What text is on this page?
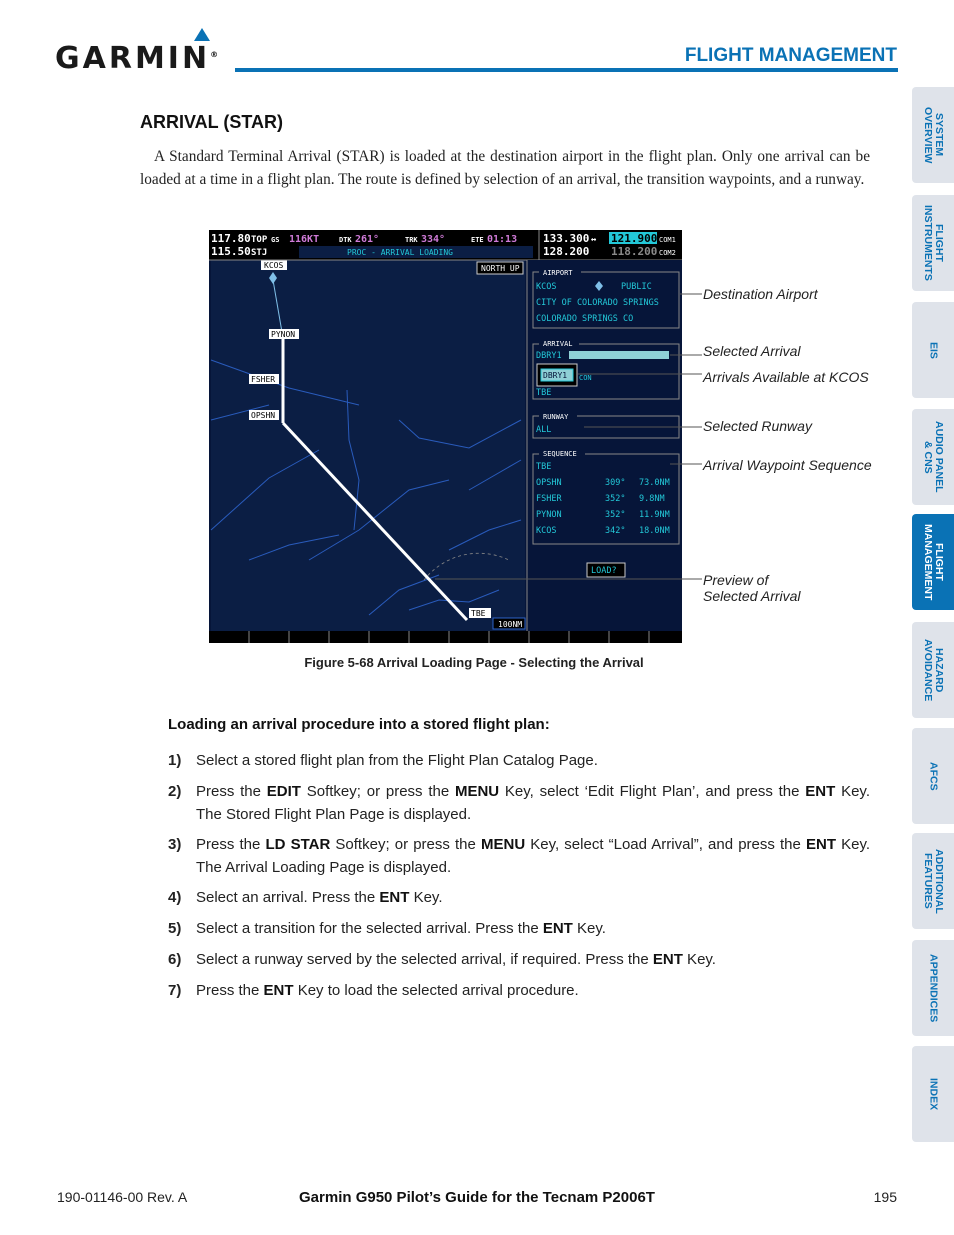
GARMIN®	FLIGHT MANAGEMENT
SYSTEM
OVERVIEW
FLIGHT
INSTRUMENTS
EIS
AUDIO PANEL
& CNS
FLIGHT
MANAGEMENT
HAZARD
AVOIDANCE
AFCS
ADDITIONAL
FEATURES
APPENDICES
INDEX
ARRIVAL (STAR)

A Standard Terminal Arrival (STAR) is loaded at the destination airport in the flight plan. Only one arrival can be loaded at a time in a flight plan. The route is defined by selection of an arrival, the transition waypoints, and a runway.

KCOS
PYNON
FSHER
OPSHN
TBE
NORTH UP
100NM
117.80
115.50
TOP
STJ
GS 116KT	DTK 261°	TRK 334°	ETE 01:13
PROC - ARRIVAL LOADING
133.300 ↔ 121.900 COM1
128.200 118.200 COM2
AIRPORT
KCOS	PUBLIC
CITY OF COLORADO SPRINGS
COLORADO SPRINGS CO
ARRIVAL
DBRY1
DBRY1 CON
TBE
RUNWAY
ALL
SEQUENCE
TBE
OPSHN	309° 73.0NM
FSHER	352° 9.8NM
PYNON	352° 11.9NM
KCOS	342° 18.0NM
LOAD?
Destination Airport
Selected Arrival
Arrivals Available at KCOS
Selected Runway
Arrival Waypoint Sequence
Preview of
Selected Arrival
Figure 5-68 Arrival Loading Page - Selecting the Arrival
Loading an arrival procedure into a stored flight plan:
1) Select a stored flight plan from the Flight Plan Catalog Page.
2) Press the EDIT Softkey; or press the MENU Key, select ‘Edit Flight Plan’, and press the ENT Key. The Stored Flight Plan Page is displayed.
3) Press the LD STAR Softkey; or press the MENU Key, select “Load Arrival”, and press the ENT Key. The Arrival Loading Page is displayed.
4) Select an arrival. Press the ENT Key.
5) Select a transition for the selected arrival. Press the ENT Key.
6) Select a runway served by the selected arrival, if required. Press the ENT Key.
7) Press the ENT Key to load the selected arrival procedure.
190-01146-00 Rev. A	Garmin G950 Pilot’s Guide for the Tecnam P2006T	195
